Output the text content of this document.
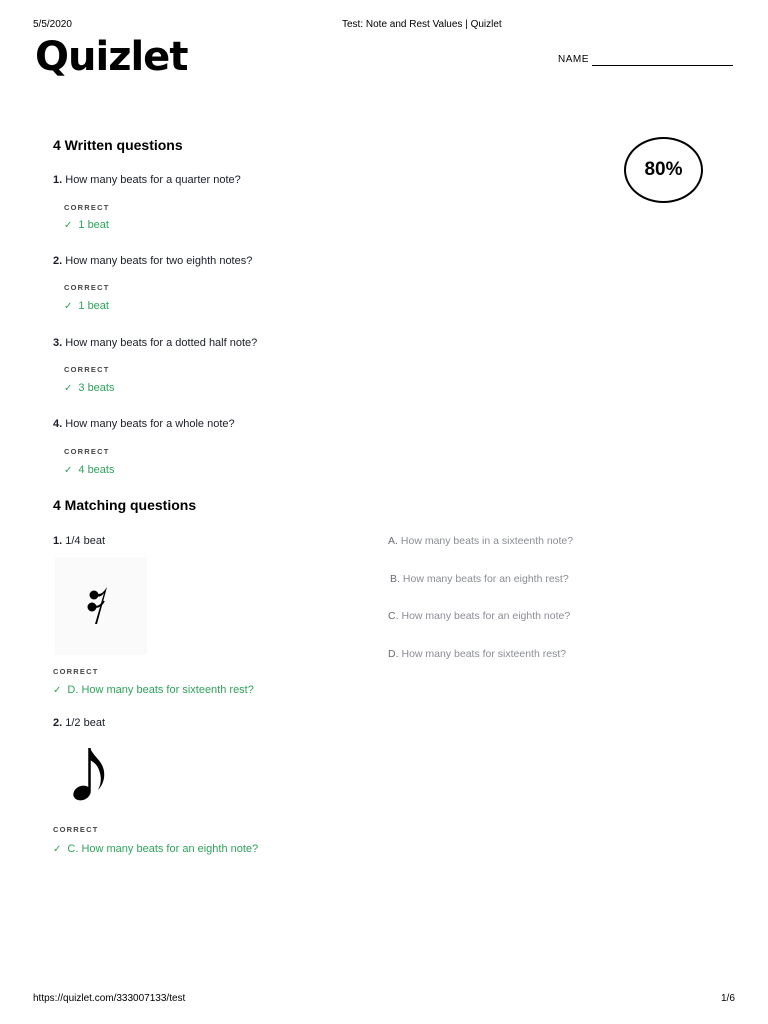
5/5/2020	Test: Note and Rest Values | Quizlet
Quizlet	NAME
80%
4 Written questions
1. How many beats for a quarter note?
CORRECT
✓ 1 beat
2. How many beats for two eighth notes?
CORRECT
✓ 1 beat
3. How many beats for a dotted half note?
CORRECT
✓ 3 beats
4. How many beats for a whole note?
CORRECT
✓ 4 beats
4 Matching questions
1. 1/4 beat
CORRECT
✓ D. How many beats for sixteenth rest?
2. 1/2 beat
CORRECT
✓ C. How many beats for an eighth note?
A. How many beats in a sixteenth note?
B. How many beats for an eighth rest?
C. How many beats for an eighth note?
D. How many beats for sixteenth rest?
https://quizlet.com/333007133/test	1/6
